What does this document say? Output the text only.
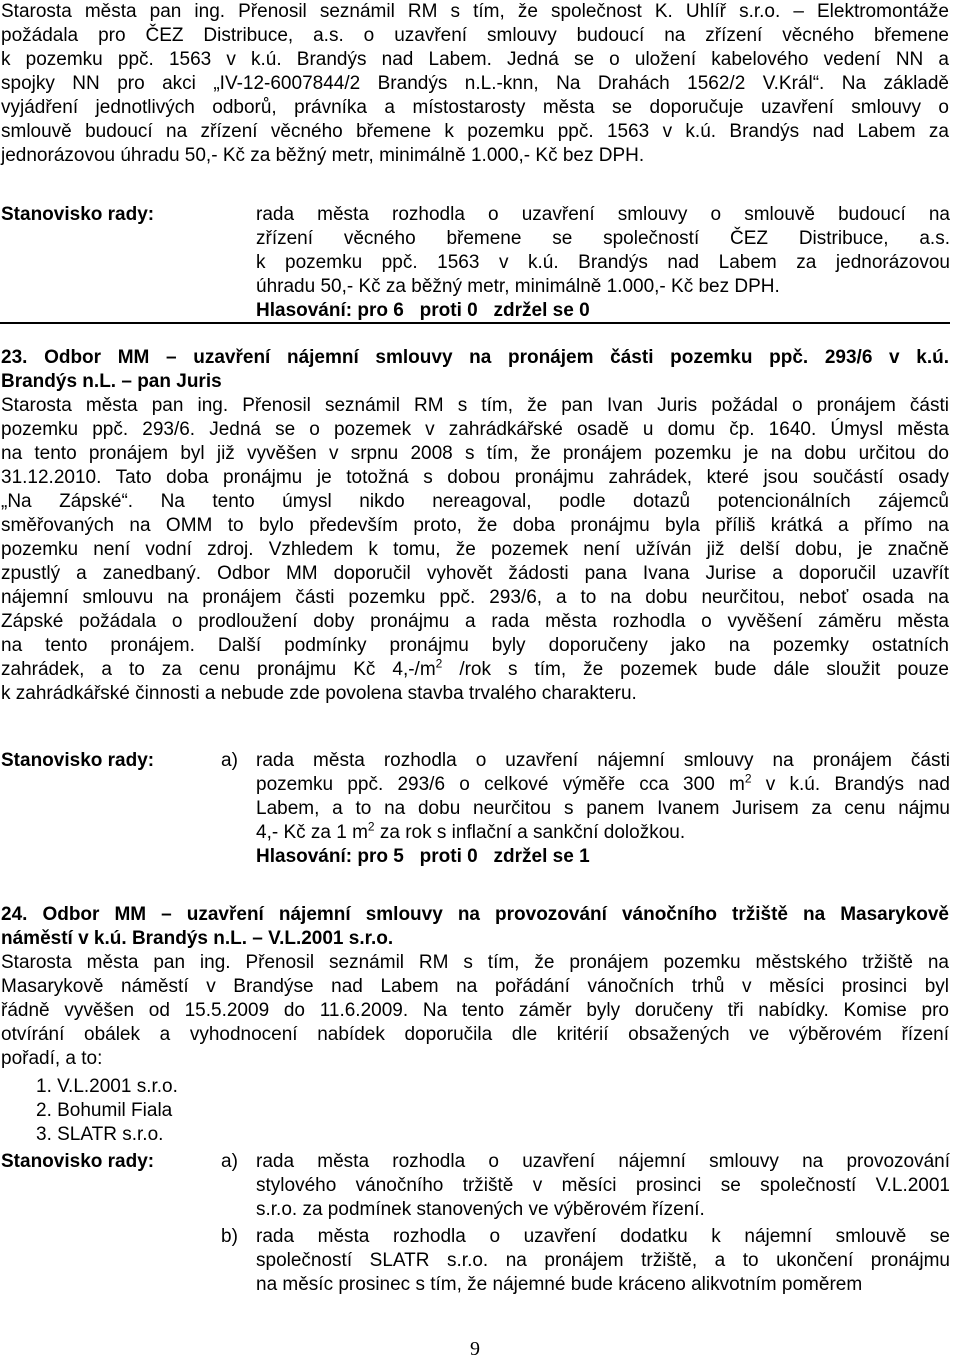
Starosta města pan ing. Přenosil seznámil RM s tím, že společnost K. Uhlíř s.r.o. – Elektromontáže
požádala pro ČEZ Distribuce, a.s. o uzavření smlouvy budoucí na zřízení věcného břemene
k pozemku ppč. 1563 v k.ú. Brandýs nad Labem. Jedná se o uložení kabelového vedení NN a
spojky NN pro akci „IV-12-6007844/2 Brandýs n.L.-knn, Na Drahách 1562/2 V.Král“. Na základě
vyjádření jednotlivých odborů, právníka a místostarosty města se doporučuje uzavření smlouvy o
smlouvě budoucí na zřízení věcného břemene k pozemku ppč. 1563 v k.ú. Brandýs nad Labem za
jednorázovou úhradu 50,- Kč za běžný metr, minimálně 1.000,- Kč bez DPH.
Stanovisko rady:	rada města rozhodla o uzavření smlouvy o smlouvě budoucí na
zřízení věcného břemene se společností ČEZ Distribuce, a.s.
k pozemku ppč. 1563 v k.ú. Brandýs nad Labem za jednorázovou
úhradu 50,- Kč za běžný metr, minimálně 1.000,- Kč bez DPH.
Hlasování: pro 6   proti 0   zdržel se 0
23. Odbor MM – uzavření nájemní smlouvy na pronájem části pozemku ppč. 293/6 v k.ú.
Brandýs n.L. – pan Juris
Starosta města pan ing. Přenosil seznámil RM s tím, že pan Ivan Juris požádal o pronájem části
pozemku ppč. 293/6. Jedná se o pozemek v zahrádkářské osadě u domu čp. 1640. Úmysl města
na tento pronájem byl již vyvěšen v srpnu 2008 s tím, že pronájem pozemku je na dobu určitou do
31.12.2010. Tato doba pronájmu je totožná s dobou pronájmu zahrádek, které jsou součástí osady
„Na Zápské“. Na tento úmysl nikdo nereagoval, podle dotazů potencionálních zájemců
směřovaných na OMM to bylo především proto, že doba pronájmu byla příliš krátká a přímo na
pozemku není vodní zdroj. Vzhledem k tomu, že pozemek není užíván již delší dobu, je značně
zpustlý a zanedbaný. Odbor MM doporučil vyhovět žádosti pana Ivana Jurise a doporučil uzavřít
nájemní smlouvu na pronájem části pozemku ppč. 293/6, a to na dobu neurčitou, neboť osada na
Zápské požádala o prodloužení doby pronájmu a rada města rozhodla o vyvěšení záměru města
na tento pronájem. Další podmínky pronájmu byly doporučeny jako na pozemky ostatních
zahrádek, a to za cenu pronájmu Kč $4,-/m^2$ /rok s tím, že pozemek bude dále sloužit pouze
k zahrádkářské činnosti a nebude zde povolena stavba trvalého charakteru.
Stanovisko rady:	a) rada města rozhodla o uzavření nájemní smlouvy na pronájem části
pozemku ppč. 293/6 o celkové výměře cca 300 $m^2$ v k.ú. Brandýs nad
Labem, a to na dobu neurčitou s panem Ivanem Jurisem za cenu nájmu
4,- Kč za 1 $m^2$ za rok s inflační a sankční doložkou.
Hlasování: pro 5   proti 0   zdržel se 1
24. Odbor MM – uzavření nájemní smlouvy na provozování vánočního tržiště na Masarykově
náměstí v k.ú. Brandýs n.L. – V.L.2001 s.r.o.
Starosta města pan ing. Přenosil seznámil RM s tím, že pronájem pozemku městského tržiště na
Masarykově náměstí v Brandýse nad Labem na pořádání vánočních trhů v měsíci prosinci byl
řádně vyvěšen od 15.5.2009 do 11.6.2009. Na tento záměr byly doručeny tři nabídky. Komise pro
otvírání obálek a vyhodnocení nabídek doporučila dle kritérií obsažených ve výběrovém řízení
pořadí, a to:
1. V.L.2001 s.r.o.
2. Bohumil Fiala
3. SLATR s.r.o.
Stanovisko rady:	a) rada města rozhodla o uzavření nájemní smlouvy na provozování
stylového vánočního tržiště v měsíci prosinci se společností V.L.2001
s.r.o. za podmínek stanovených ve výběrovém řízení.
b) rada města rozhodla o uzavření dodatku k nájemní smlouvě se
společností SLATR s.r.o. na pronájem tržiště, a to ukončení pronájmu
na měsíc prosinec s tím, že nájemné bude kráceno alikvotním poměrem
9
